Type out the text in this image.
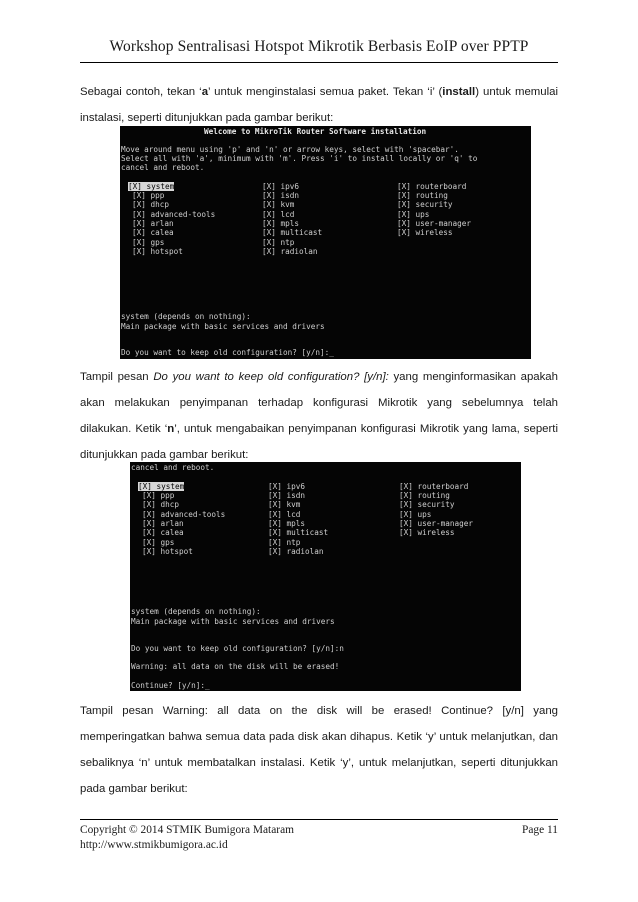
Workshop Sentralisasi Hotspot Mikrotik Berbasis EoIP over PPTP
Sebagai contoh, tekan ‘a’ untuk menginstalasi semua paket. Tekan ‘i’ (install) untuk memulai instalasi, seperti ditunjukkan pada gambar berikut:
Welcome to MikroTik Router Software installation
Move around menu using 'p' and 'n' or arrow keys, select with 'spacebar'.
Select all with 'a', minimum with 'm'. Press 'i' to install locally or 'q' to
cancel and reboot.
[X] system
[X] ppp
[X] dhcp
[X] advanced-tools
[X] arlan
[X] calea
[X] gps
[X] hotspot
[X] ipv6
[X] isdn
[X] kvm
[X] lcd
[X] mpls
[X] multicast
[X] ntp
[X] radiolan
[X] routerboard
[X] routing
[X] security
[X] ups
[X] user-manager
[X] wireless
system (depends on nothing):
Main package with basic services and drivers
Do you want to keep old configuration? [y/n]:_
Tampil pesan Do you want to keep old configuration? [y/n]: yang menginformasikan apakah akan melakukan penyimpanan terhadap konfigurasi Mikrotik yang sebelumnya telah dilakukan. Ketik ‘n’, untuk mengabaikan penyimpanan konfigurasi Mikrotik yang lama, seperti ditunjukkan pada gambar berikut:
cancel and reboot.
[X] system
[X] ppp
[X] dhcp
[X] advanced-tools
[X] arlan
[X] calea
[X] gps
[X] hotspot
[X] ipv6
[X] isdn
[X] kvm
[X] lcd
[X] mpls
[X] multicast
[X] ntp
[X] radiolan
[X] routerboard
[X] routing
[X] security
[X] ups
[X] user-manager
[X] wireless
system (depends on nothing):
Main package with basic services and drivers
Do you want to keep old configuration? [y/n]:n
Warning: all data on the disk will be erased!
Continue? [y/n]:_
Tampil pesan Warning: all data on the disk will be erased! Continue? [y/n] yang memperingatkan bahwa semua data pada disk akan dihapus. Ketik ‘y’ untuk melanjutkan, dan sebaliknya ‘n’ untuk membatalkan instalasi. Ketik ‘y’, untuk melanjutkan, seperti ditunjukkan pada gambar berikut:
Copyright © 2014 STMIK Bumigora Mataram
http://www.stmikbumigora.ac.id
Page 11
